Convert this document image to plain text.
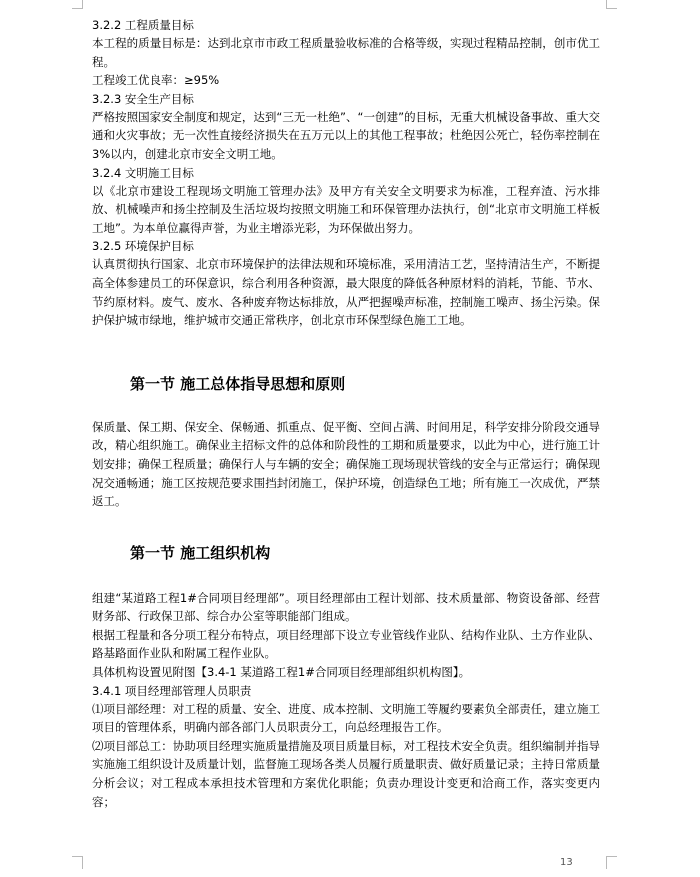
3.2.2 工程质量目标
本工程的质量目标是：达到北京市市政工程质量验收标准的合格等级，实现过程精品控制，创市优工程。
工程竣工优良率：≥95%
3.2.3 安全生产目标
严格按照国家安全制度和规定，达到“三无一杜绝”、“一创建”的目标，无重大机械设备事故、重大交通和火灾事故；无一次性直接经济损失在五万元以上的其他工程事故；杜绝因公死亡，轻伤率控制在3%以内，创建北京市安全文明工地。
3.2.4 文明施工目标
以《北京市建设工程现场文明施工管理办法》及甲方有关安全文明要求为标准，工程弃渣、污水排放、机械噪声和扬尘控制及生活垃圾均按照文明施工和环保管理办法执行，创“北京市文明施工样板工地”。为本单位赢得声誉，为业主增添光彩，为环保做出努力。
3.2.5 环境保护目标
认真贯彻执行国家、北京市环境保护的法律法规和环境标准，采用清洁工艺，坚持清洁生产，不断提高全体参建员工的环保意识，综合利用各种资源，最大限度的降低各种原材料的消耗，节能、节水、节约原材料。废气、废水、各种废弃物达标排放，从严把握噪声标准，控制施工噪声、扬尘污染。保护保护城市绿地，维护城市交通正常秩序，创北京市环保型绿色施工工地。
第一节 施工总体指导思想和原则
保质量、保工期、保安全、保畅通、抓重点、促平衡、空间占满、时间用足，科学安排分阶段交通导改，精心组织施工。确保业主招标文件的总体和阶段性的工期和质量要求，以此为中心，进行施工计划安排；确保工程质量；确保行人与车辆的安全；确保施工现场现状管线的安全与正常运行；确保现况交通畅通；施工区按规范要求围挡封闭施工，保护环境，创造绿色工地；所有施工一次成优，严禁返工。
第一节 施工组织机构
组建“某道路工程1#合同项目经理部”。项目经理部由工程计划部、技术质量部、物资设备部、经营财务部、行政保卫部、综合办公室等职能部门组成。
根据工程量和各分项工程分布特点，项目经理部下设立专业管线作业队、结构作业队、土方作业队、路基路面作业队和附属工程作业队。
具体机构设置见附图【3.4-1 某道路工程1#合同项目经理部组织机构图】。
3.4.1 项目经理部管理人员职责
⑴项目部经理：对工程的质量、安全、进度、成本控制、文明施工等履约要素负全部责任，建立施工项目的管理体系，明确内部各部门人员职责分工，向总经理报告工作。
⑵项目部总工：协助项目经理实施质量措施及项目质量目标，对工程技术安全负责。组织编制并指导实施施工组织设计及质量计划，监督施工现场各类人员履行质量职责、做好质量记录；主持日常质量分析会议；对工程成本承担技术管理和方案优化职能；负责办理设计变更和洽商工作，落实变更内容；
13
